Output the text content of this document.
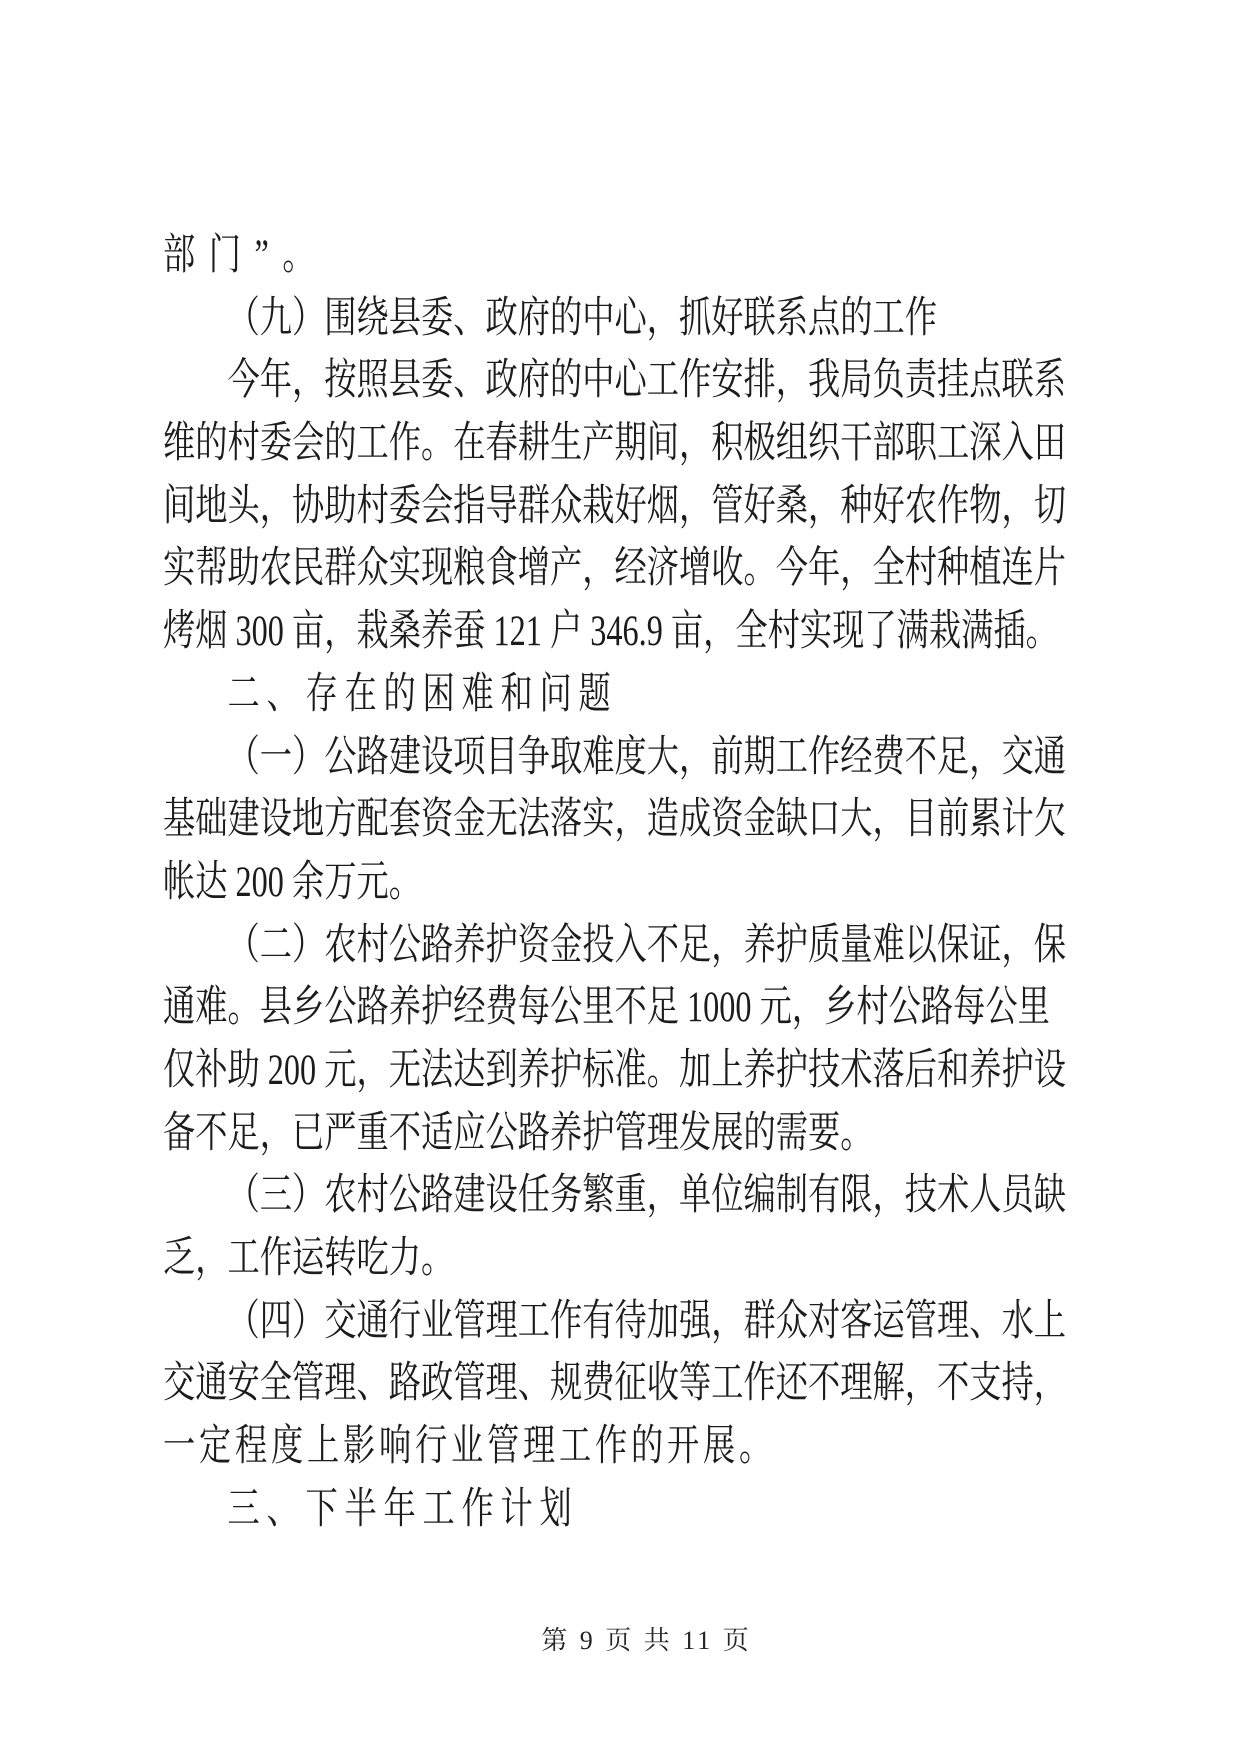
部门”。
（九）围绕县委、政府的中心，抓好联系点的工作
今年，按照县委、政府的中心工作安排，我局负责挂点联系
维的村委会的工作。在春耕生产期间，积极组织干部职工深入田
间地头，协助村委会指导群众栽好烟，管好桑，种好农作物，切
实帮助农民群众实现粮食增产，经济增收。今年，全村种植连片
烤烟 300 亩，栽桑养蚕 121 户 346.9 亩，全村实现了满栽满插。
二、存在的困难和问题
（一）公路建设项目争取难度大，前期工作经费不足，交通
基础建设地方配套资金无法落实，造成资金缺口大，目前累计欠
帐达 200 余万元。
（二）农村公路养护资金投入不足，养护质量难以保证，保
通难。县乡公路养护经费每公里不足 1000 元，乡村公路每公里
仅补助 200 元，无法达到养护标准。加上养护技术落后和养护设
备不足，已严重不适应公路养护管理发展的需要。
（三）农村公路建设任务繁重，单位编制有限，技术人员缺
乏，工作运转吃力。
（四）交通行业管理工作有待加强，群众对客运管理、水上
交通安全管理、路政管理、规费征收等工作还不理解，不支持，
一定程度上影响行业管理工作的开展。
三、下半年工作计划
第 9 页 共 11 页
